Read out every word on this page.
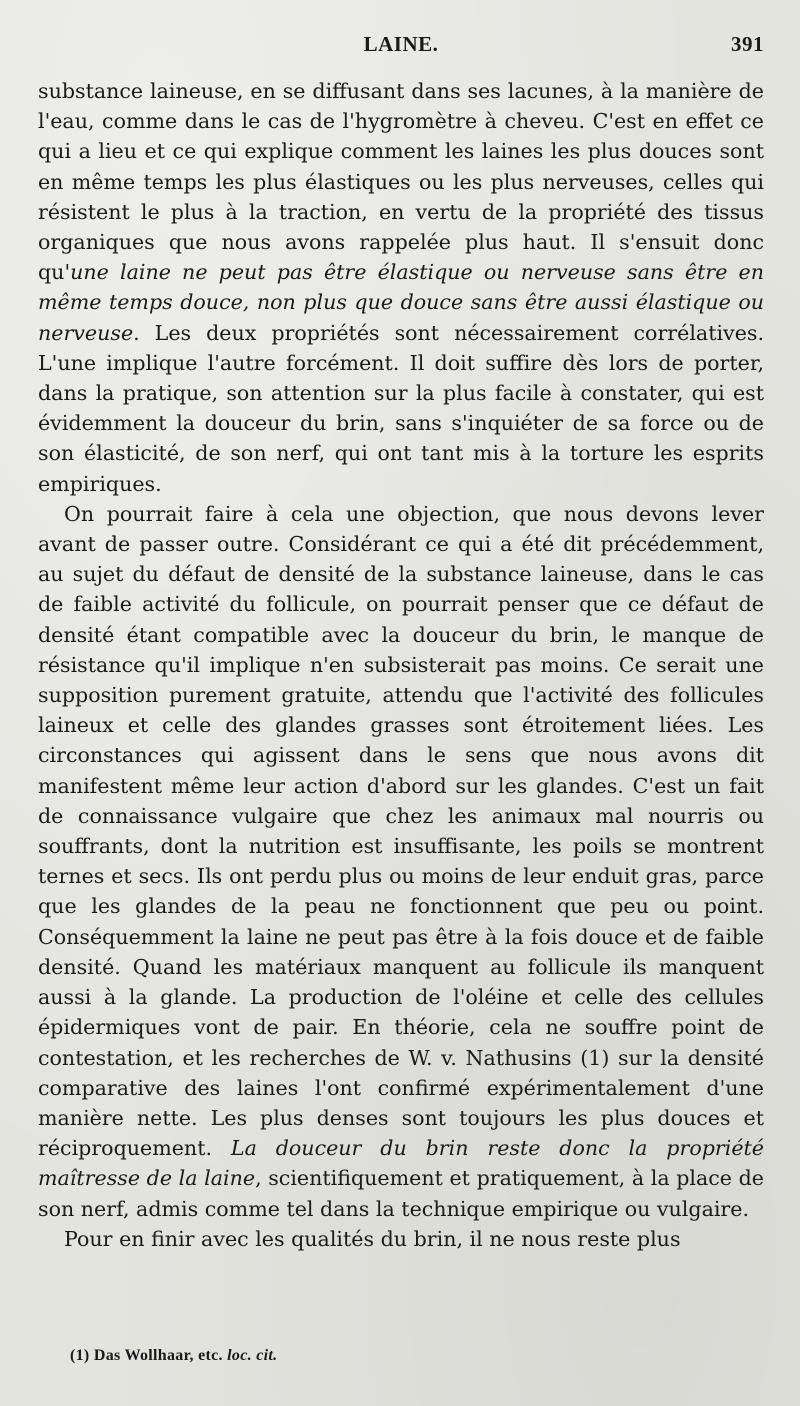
LAINE.	391

substance laineuse, en se diffusant dans ses lacunes, à la manière de l'eau, comme dans le cas de l'hygromètre à cheveu. C'est en effet ce qui a lieu et ce qui explique comment les laines les plus douces sont en même temps les plus élastiques ou les plus nerveuses, celles qui résistent le plus à la traction, en vertu de la propriété des tissus organiques que nous avons rappelée plus haut. Il s'ensuit donc qu'une laine ne peut pas être élastique ou nerveuse sans être en même temps douce, non plus que douce sans être aussi élastique ou nerveuse. Les deux propriétés sont nécessairement corrélatives. L'une implique l'autre forcément. Il doit suffire dès lors de porter, dans la pratique, son attention sur la plus facile à constater, qui est évidemment la douceur du brin, sans s'inquiéter de sa force ou de son élasticité, de son nerf, qui ont tant mis à la torture les esprits empiriques.

On pourrait faire à cela une objection, que nous devons lever avant de passer outre. Considérant ce qui a été dit précédemment, au sujet du défaut de densité de la substance laineuse, dans le cas de faible activité du follicule, on pourrait penser que ce défaut de densité étant compatible avec la douceur du brin, le manque de résistance qu'il implique n'en subsisterait pas moins. Ce serait une supposition purement gratuite, attendu que l'activité des follicules laineux et celle des glandes grasses sont étroitement liées. Les circonstances qui agissent dans le sens que nous avons dit manifestent même leur action d'abord sur les glandes. C'est un fait de connaissance vulgaire que chez les animaux mal nourris ou souffrants, dont la nutrition est insuffisante, les poils se montrent ternes et secs. Ils ont perdu plus ou moins de leur enduit gras, parce que les glandes de la peau ne fonctionnent que peu ou point. Conséquemment la laine ne peut pas être à la fois douce et de faible densité. Quand les matériaux manquent au follicule ils manquent aussi à la glande. La production de l'oléine et celle des cellules épidermiques vont de pair. En théorie, cela ne souffre point de contestation, et les recherches de W. v. Nathusins (1) sur la densité comparative des laines l'ont confirmé expérimentalement d'une manière nette. Les plus denses sont toujours les plus douces et réciproquement. La douceur du brin reste donc la propriété maîtresse de la laine, scientifiquement et pratiquement, à la place de son nerf, admis comme tel dans la technique empirique ou vulgaire.

Pour en finir avec les qualités du brin, il ne nous reste plus

(1) Das Wollhaar, etc. loc. cit.
